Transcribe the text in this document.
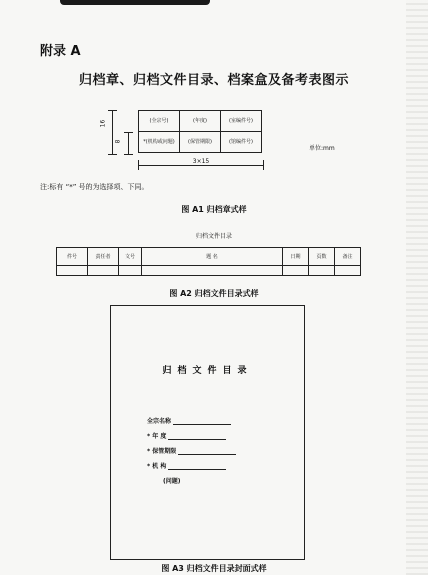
附录 A
归档章、归档文件目录、档案盒及备考表图示
16
8
(全宗号)	(年度)	(室编件号)
*(机构或问题)	(保管期限)	(馆编件号)
3×15
单位:mm
注:标有 “*” 号的为选择项、下同。
图 A1 归档章式样
归档文件目录
件号	责任者	文号	题 名	日期	页数	备注

图 A2 归档文件目录式样
归档文件目录
全宗名称
* 年 度
* 保管期限
* 机 构
(问题)
图 A3 归档文件目录封面式样
